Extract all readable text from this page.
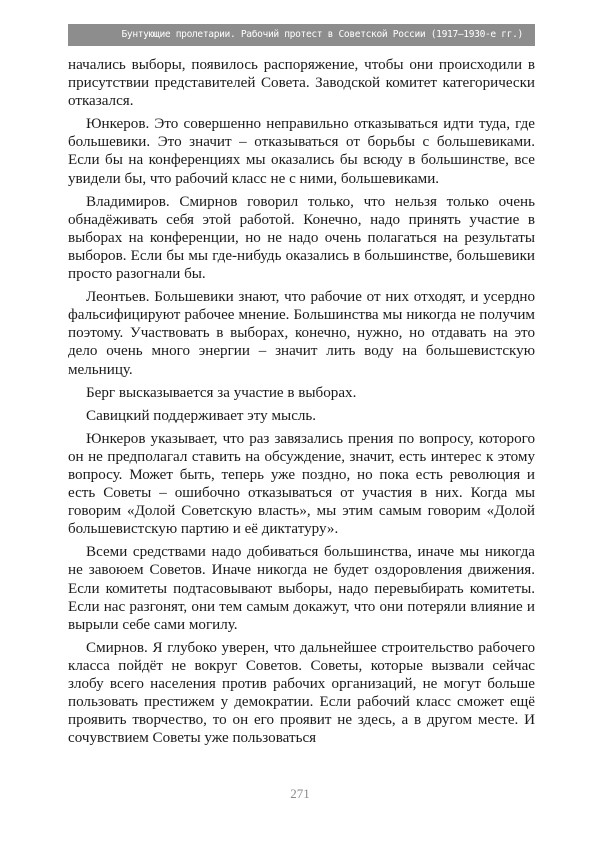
Бунтующие пролетарии. Рабочий протест в Советской России (1917–1930-е гг.)

начались выборы, появилось распоряжение, чтобы они происходили в присутствии представителей Совета. Заводской комитет категорически отказался.

Юнкеров. Это совершенно неправильно отказываться идти туда, где большевики. Это значит – отказываться от борьбы с большевиками. Если бы на конференциях мы оказались бы всюду в большинстве, все увидели бы, что рабочий класс не с ними, большевиками.

Владимиров. Смирнов говорил только, что нельзя только очень обнадёживать себя этой работой. Конечно, надо принять участие в выборах на конференции, но не надо очень полагаться на результаты выборов. Если бы мы где-нибудь оказались в большинстве, большевики просто разогнали бы.

Леонтьев. Большевики знают, что рабочие от них отходят, и усердно фальсифицируют рабочее мнение. Большинства мы никогда не получим поэтому. Участвовать в выборах, конечно, нужно, но отдавать на это дело очень много энергии – значит лить воду на большевистскую мельницу.

Берг высказывается за участие в выборах.

Савицкий поддерживает эту мысль.

Юнкеров указывает, что раз завязались прения по вопросу, которого он не предполагал ставить на обсуждение, значит, есть интерес к этому вопросу. Может быть, теперь уже поздно, но пока есть революция и есть Советы – ошибочно отказываться от участия в них. Когда мы говорим «Долой Советскую власть», мы этим самым говорим «Долой большевистскую партию и её диктатуру».

Всеми средствами надо добиваться большинства, иначе мы никогда не завоюем Советов. Иначе никогда не будет оздоровления движения. Если комитеты подтасовывают выборы, надо перевыбирать комитеты. Если нас разгонят, они тем самым докажут, что они потеряли влияние и вырыли себе сами могилу.

Смирнов. Я глубоко уверен, что дальнейшее строительство рабочего класса пойдёт не вокруг Советов. Советы, которые вызвали сейчас злобу всего населения против рабочих организаций, не могут больше пользовать престижем у демократии. Если рабочий класс сможет ещё проявить творчество, то он его проявит не здесь, а в другом месте. И сочувствием Советы уже пользоваться

271
